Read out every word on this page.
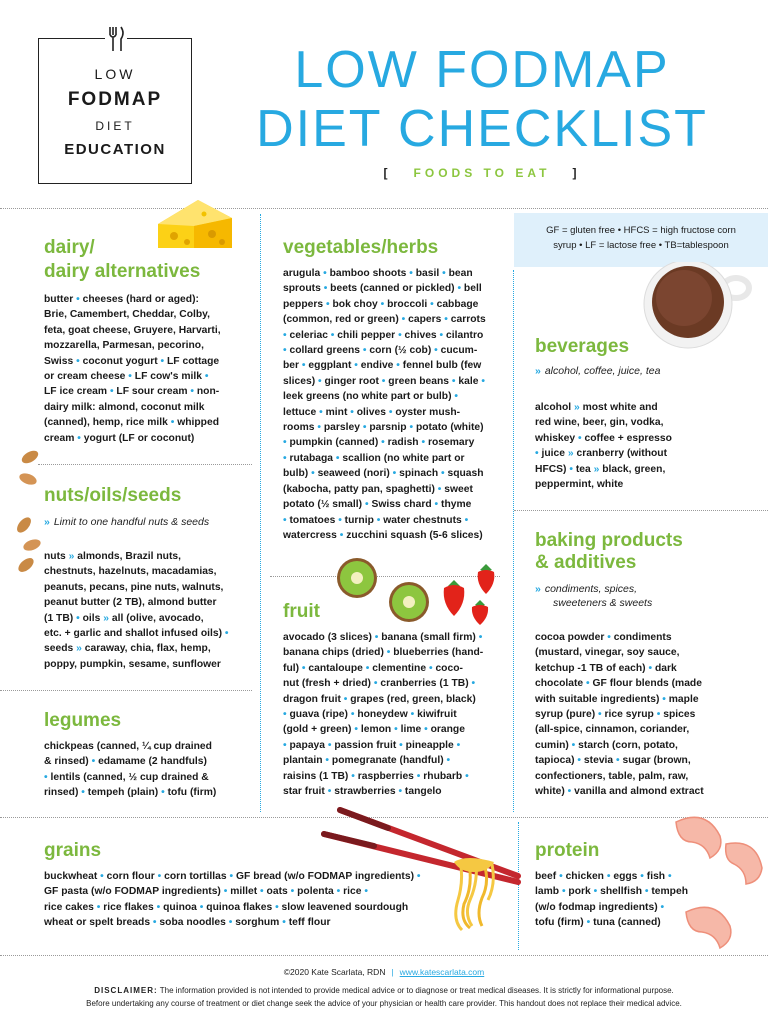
LOW
FODMAP
DIET
EDUCATION
LOW FODMAP
DIET CHECKLIST
[ FOODS TO EAT ]
GF = gluten free • HFCS = high fructose corn
syrup • LF = lactose free • TB=tablespoon
dairy/
dairy alternatives
butter • cheeses (hard or aged):
Brie, Camembert, Cheddar, Colby,
feta, goat cheese, Gruyere, Harvarti,
mozzarella, Parmesan, pecorino,
Swiss • coconut yogurt • LF cottage
or cream cheese • LF cow's milk •
LF ice cream • LF sour cream • non-
dairy milk: almond, coconut milk
(canned), hemp, rice milk • whipped
cream • yogurt (LF or coconut)
nuts/oils/seeds
» Limit to one handful nuts & seeds
nuts » almonds, Brazil nuts,
chestnuts, hazelnuts, macadamias,
peanuts, pecans, pine nuts, walnuts,
peanut butter (2 TB), almond butter
(1 TB) • oils » all (olive, avocado,
etc. + garlic and shallot infused oils) •
seeds » caraway, chia, flax, hemp,
poppy, pumpkin, sesame, sunflower
legumes
chickpeas (canned, ¼ cup drained
& rinsed) • edamame (2 handfuls)
• lentils (canned, ½ cup drained &
rinsed) • tempeh (plain) • tofu (firm)
vegetables/herbs
arugula • bamboo shoots • basil • bean
sprouts • beets (canned or pickled) • bell
peppers • bok choy • broccoli • cabbage
(common, red or green) • capers • carrots
• celeriac • chili pepper • chives • cilantro
• collard greens • corn (½ cob) • cucum-
ber • eggplant • endive • fennel bulb (few
slices) • ginger root • green beans • kale •
leek greens (no white part or bulb) •
lettuce • mint • olives • oyster mush-
rooms • parsley • parsnip • potato (white)
• pumpkin (canned) • radish • rosemary
• rutabaga • scallion (no white part or
bulb) • seaweed (nori) • spinach • squash
(kabocha, patty pan, spaghetti) • sweet
potato (½ small) • Swiss chard • thyme
• tomatoes • turnip • water chestnuts •
watercress • zucchini squash (5-6 slices)
fruit
avocado (3 slices) • banana (small firm) •
banana chips (dried) • blueberries (hand-
ful) • cantaloupe • clementine • coco-
nut (fresh + dried) • cranberries (1 TB) •
dragon fruit • grapes (red, green, black)
• guava (ripe) • honeydew • kiwifruit
(gold + green) • lemon • lime • orange
• papaya • passion fruit • pineapple •
plantain • pomegranate (handful) •
raisins (1 TB) • raspberries • rhubarb •
star fruit • strawberries • tangelo
beverages
» alcohol, coffee, juice, tea
alcohol » most white and
red wine, beer, gin, vodka,
whiskey • coffee + espresso
• juice » cranberry (without
HFCS) • tea » black, green,
peppermint, white
baking products
& additives
» condiments, spices,
sweeteners & sweets
cocoa powder • condiments
(mustard, vinegar, soy sauce,
ketchup -1 TB of each) • dark
chocolate • GF flour blends (made
with suitable ingredients) • maple
syrup (pure) • rice syrup • spices
(all-spice, cinnamon, coriander,
cumin) • starch (corn, potato,
tapioca) • stevia • sugar (brown,
confectioners, table, palm, raw,
white) • vanilla and almond extract
grains
buckwheat • corn flour • corn tortillas • GF bread (w/o FODMAP ingredients) •
GF pasta (w/o FODMAP ingredients) • millet • oats • polenta • rice •
rice cakes • rice flakes • quinoa • quinoa flakes • slow leavened sourdough
wheat or spelt breads • soba noodles • sorghum • teff flour
protein
beef • chicken • eggs • fish •
lamb • pork • shellfish • tempeh
(w/o fodmap ingredients) •
tofu (firm) • tuna (canned)
©2020 Kate Scarlata, RDN | www.katescarlata.com
DISCLAIMER: The information provided is not intended to provide medical advice or to diagnose or treat medical diseases. It is strictly for informational purpose.
Before undertaking any course of treatment or diet change seek the advice of your physician or health care provider. This handout does not replace their medical advice.
